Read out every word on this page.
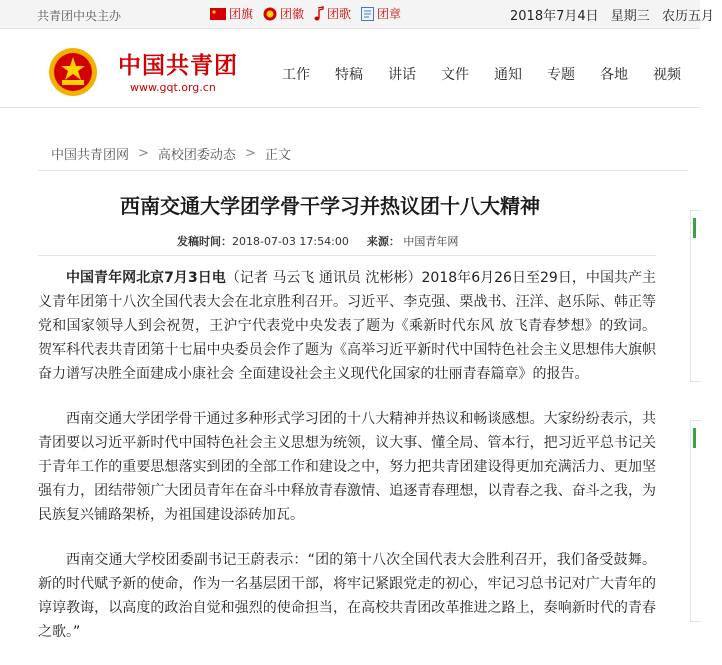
共青团中央主办	团旗 团徽 团歌 团章	2018年7月4日 星期三 农历五月
中国共青团
www.gqt.org.cn
工作 特稿 讲话 文件 通知 专题 各地 视频
中国共青团网 > 高校团委动态 > 正文
西南交通大学团学骨干学习并热议团十八大精神
发稿时间：2018-07-03 17:54:00 来源： 中国青年网

中国青年网北京7月3日电（记者 马云飞 通讯员 沈彬彬）2018年6月26日至29日，中国共产主义青年团第十八次全国代表大会在北京胜利召开。习近平、李克强、栗战书、汪洋、赵乐际、韩正等党和国家领导人到会祝贺，王沪宁代表党中央发表了题为《乘新时代东风 放飞青春梦想》的致词。贺军科代表共青团第十七届中央委员会作了题为《高举习近平新时代中国特色社会主义思想伟大旗帜 奋力谱写决胜全面建成小康社会 全面建设社会主义现代化国家的壮丽青春篇章》的报告。

西南交通大学团学骨干通过多种形式学习团的十八大精神并热议和畅谈感想。大家纷纷表示，共青团要以习近平新时代中国特色社会主义思想为统领，议大事、懂全局、管本行，把习近平总书记关于青年工作的重要思想落实到团的全部工作和建设之中，努力把共青团建设得更加充满活力、更加坚强有力，团结带领广大团员青年在奋斗中释放青春激情、追逐青春理想，以青春之我、奋斗之我，为民族复兴铺路架桥，为祖国建设添砖加瓦。

西南交通大学校团委副书记王蔚表示：“团的第十八次全国代表大会胜利召开，我们备受鼓舞。新的时代赋予新的使命，作为一名基层团干部，将牢记紧跟党走的初心，牢记习总书记对广大青年的谆谆教诲，以高度的政治自觉和强烈的使命担当，在高校共青团改革推进之路上，奏响新时代的青春之歌。”
